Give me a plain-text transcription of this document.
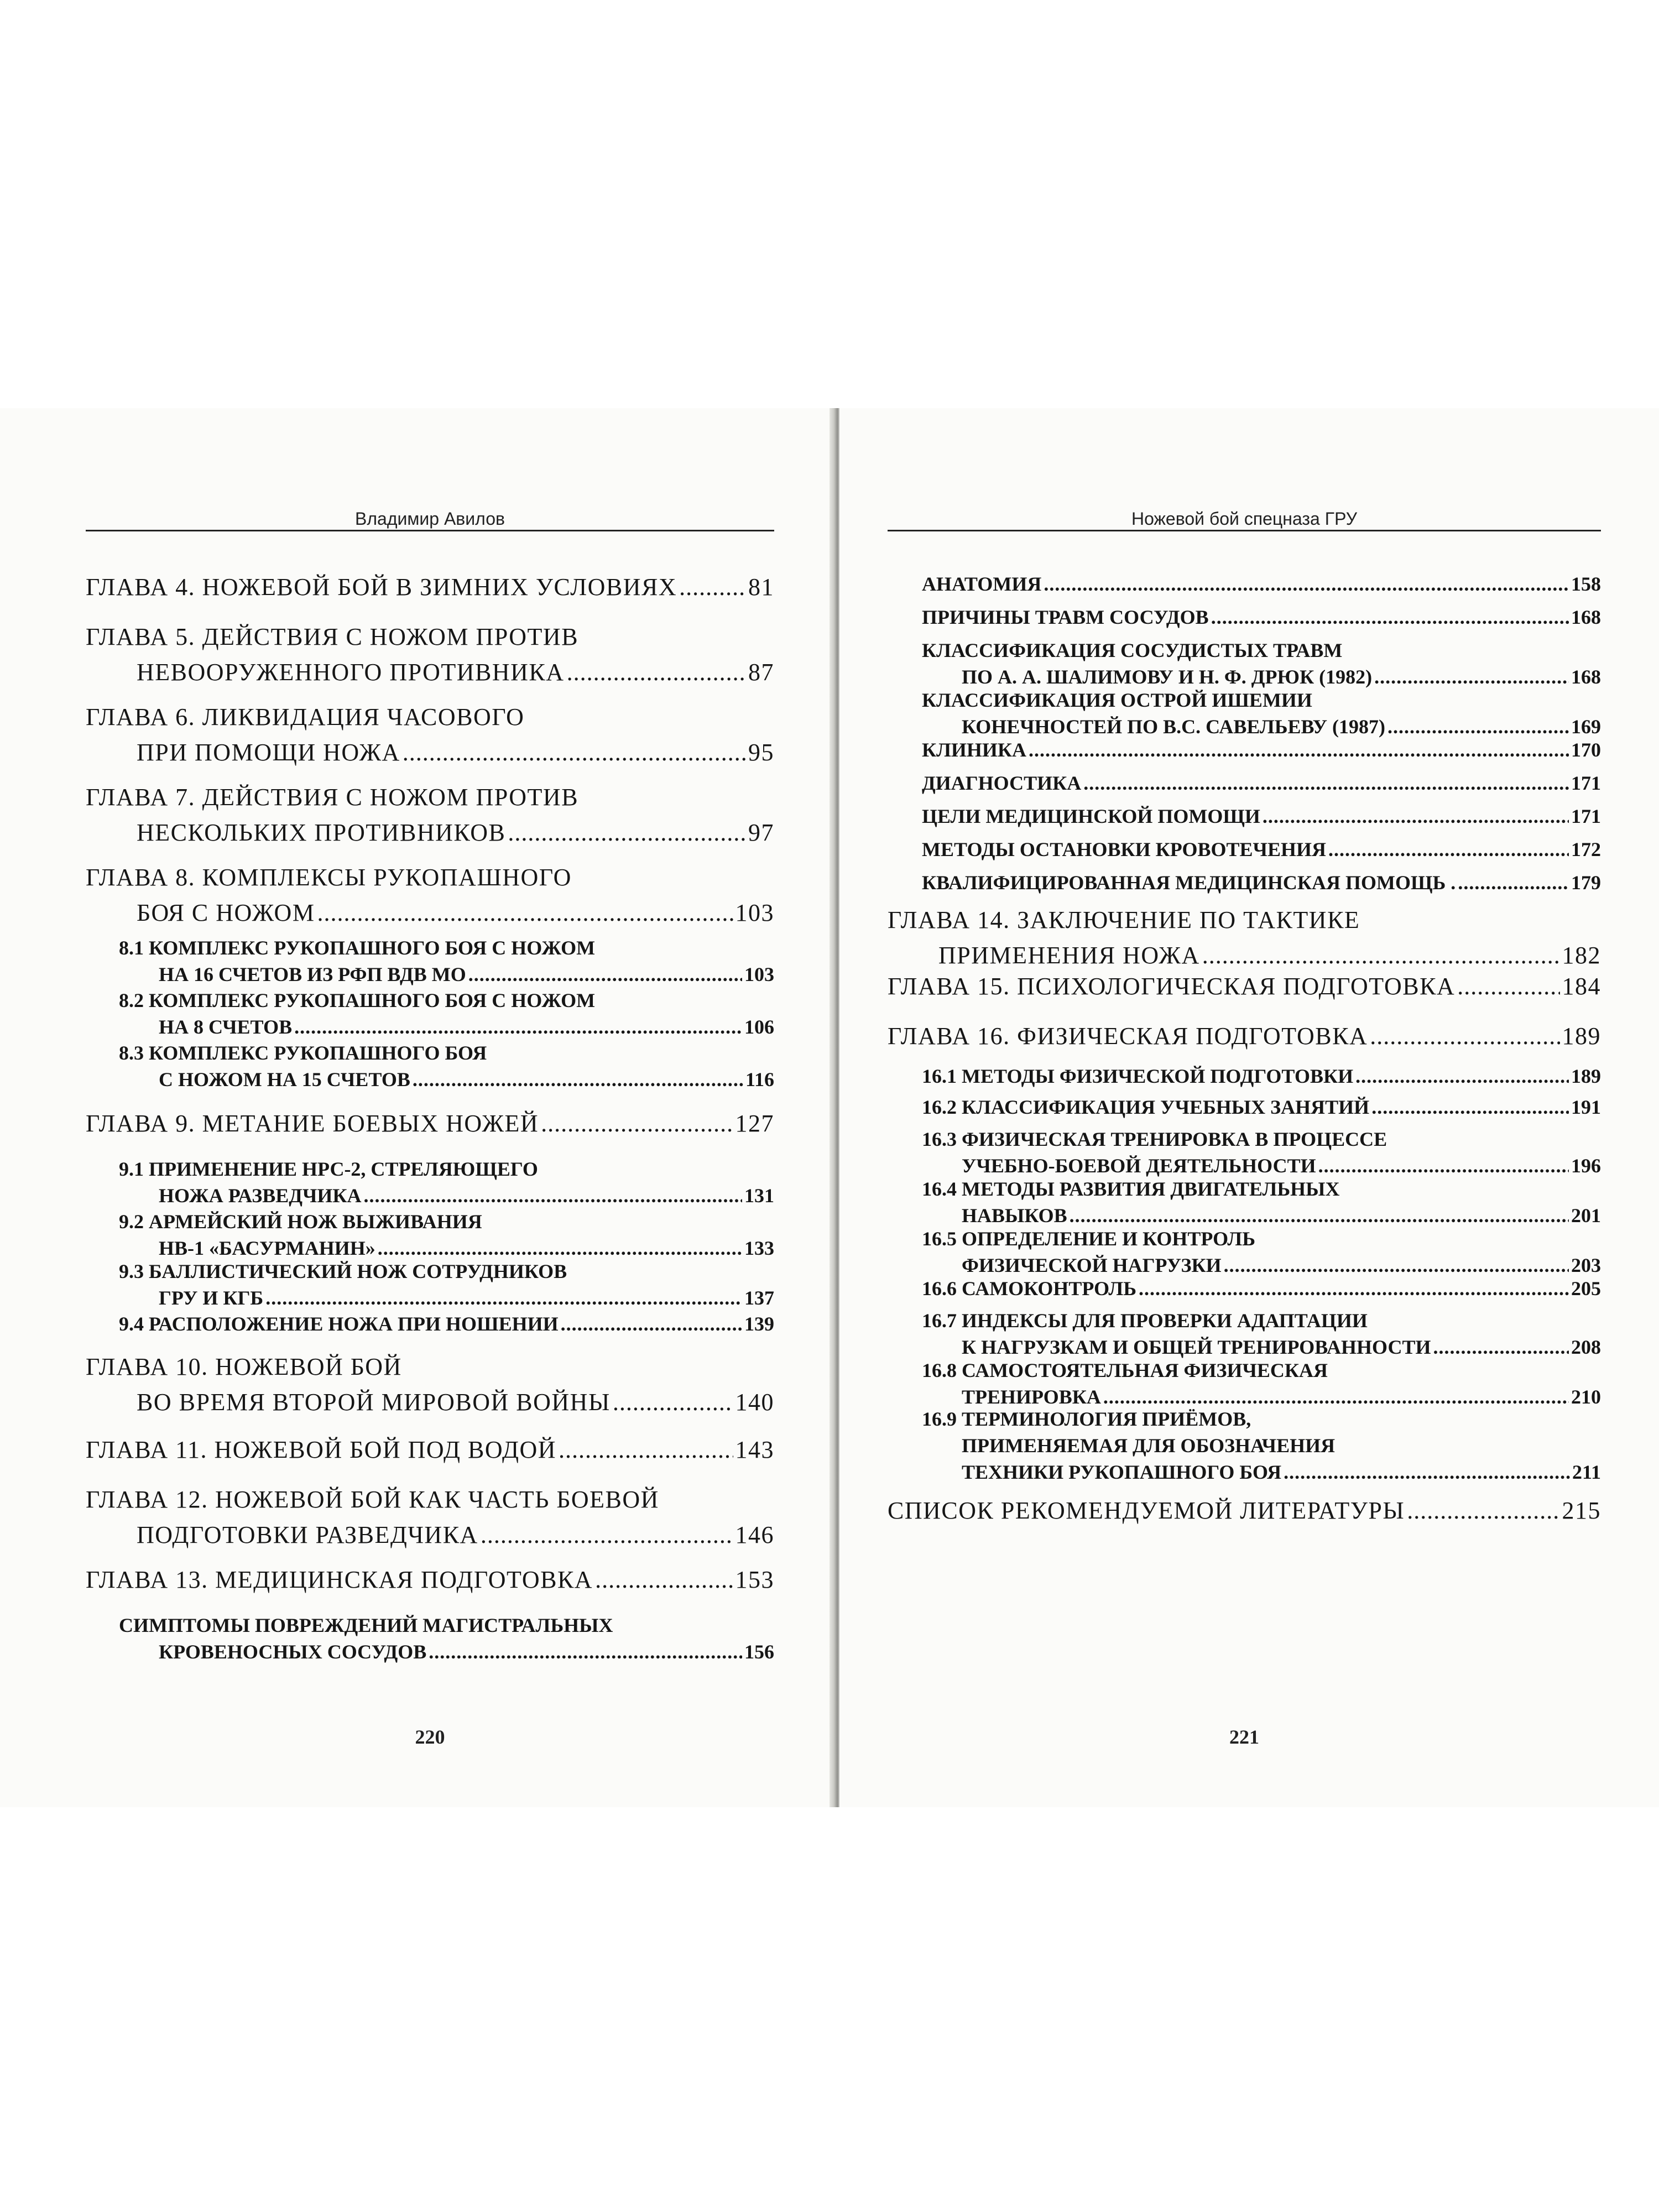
Владимир Авилов
ГЛАВА 4. НОЖЕВОЙ БОЙ В ЗИМНИХ УСЛОВИЯХ .....	81
ГЛАВА 5. ДЕЙСТВИЯ С НОЖОМ ПРОТИВ
НЕВООРУЖЕННОГО ПРОТИВНИКА .....	87
ГЛАВА 6. ЛИКВИДАЦИЯ ЧАСОВОГО
ПРИ ПОМОЩИ НОЖА .....	95
ГЛАВА 7. ДЕЙСТВИЯ С НОЖОМ ПРОТИВ
НЕСКОЛЬКИХ ПРОТИВНИКОВ .....	97
ГЛАВА 8. КОМПЛЕКСЫ РУКОПАШНОГО
БОЯ С НОЖОМ .....	103
8.1 КОМПЛЕКС РУКОПАШНОГО БОЯ С НОЖОМ
НА 16 СЧЕТОВ ИЗ РФП ВДВ МО .....	103
8.2 КОМПЛЕКС РУКОПАШНОГО БОЯ С НОЖОМ
НА 8 СЧЕТОВ .....	106
8.3 КОМПЛЕКС РУКОПАШНОГО БОЯ
С НОЖОМ НА 15 СЧЕТОВ .....	116
ГЛАВА 9. МЕТАНИЕ БОЕВЫХ НОЖЕЙ .....	127
9.1 ПРИМЕНЕНИЕ НРС-2, СТРЕЛЯЮЩЕГО
НОЖА РАЗВЕДЧИКА .....	131
9.2 АРМЕЙСКИЙ НОЖ ВЫЖИВАНИЯ
НВ-1 «БАСУРМАНИН» .....	133
9.3 БАЛЛИСТИЧЕСКИЙ НОЖ СОТРУДНИКОВ
ГРУ И КГБ .....	137
9.4 РАСПОЛОЖЕНИЕ НОЖА ПРИ НОШЕНИИ .....	139
ГЛАВА 10. НОЖЕВОЙ БОЙ
ВО ВРЕМЯ ВТОРОЙ МИРОВОЙ ВОЙНЫ .....	140
ГЛАВА 11. НОЖЕВОЙ БОЙ ПОД ВОДОЙ .....	143
ГЛАВА 12. НОЖЕВОЙ БОЙ КАК ЧАСТЬ БОЕВОЙ
ПОДГОТОВКИ РАЗВЕДЧИКА .....	146
ГЛАВА 13. МЕДИЦИНСКАЯ ПОДГОТОВКА .....	153
СИМПТОМЫ ПОВРЕЖДЕНИЙ МАГИСТРАЛЬНЫХ
КРОВЕНОСНЫХ СОСУДОВ .....	156
220
Ножевой бой спецназа ГРУ
АНАТОМИЯ .....	158
ПРИЧИНЫ ТРАВМ СОСУДОВ .....	168
КЛАССИФИКАЦИЯ СОСУДИСТЫХ ТРАВМ
ПО А. А. ШАЛИМОВУ И Н. Ф. ДРЮК (1982) .....	168
КЛАССИФИКАЦИЯ ОСТРОЙ ИШЕМИИ
КОНЕЧНОСТЕЙ ПО В.С. САВЕЛЬЕВУ (1987) .....	169
КЛИНИКА .....	170
ДИАГНОСТИКА .....	171
ЦЕЛИ МЕДИЦИНСКОЙ ПОМОЩИ .....	171
МЕТОДЫ ОСТАНОВКИ КРОВОТЕЧЕНИЯ .....	172
КВАЛИФИЦИРОВАННАЯ МЕДИЦИНСКАЯ ПОМОЩЬ . .....	179
ГЛАВА 14. ЗАКЛЮЧЕНИЕ ПО ТАКТИКЕ
ПРИМЕНЕНИЯ НОЖА .....	182
ГЛАВА 15. ПСИХОЛОГИЧЕСКАЯ ПОДГОТОВКА .....	184
ГЛАВА 16. ФИЗИЧЕСКАЯ ПОДГОТОВКА .....	189
16.1 МЕТОДЫ ФИЗИЧЕСКОЙ ПОДГОТОВКИ .....	189
16.2 КЛАССИФИКАЦИЯ УЧЕБНЫХ ЗАНЯТИЙ .....	191
16.3 ФИЗИЧЕСКАЯ ТРЕНИРОВКА В ПРОЦЕССЕ
УЧЕБНО-БОЕВОЙ ДЕЯТЕЛЬНОСТИ .....	196
16.4 МЕТОДЫ РАЗВИТИЯ ДВИГАТЕЛЬНЫХ
НАВЫКОВ .....	201
16.5 ОПРЕДЕЛЕНИЕ И КОНТРОЛЬ
ФИЗИЧЕСКОЙ НАГРУЗКИ .....	203
16.6 САМОКОНТРОЛЬ .....	205
16.7 ИНДЕКСЫ ДЛЯ ПРОВЕРКИ АДАПТАЦИИ
К НАГРУЗКАМ И ОБЩЕЙ ТРЕНИРОВАННОСТИ .....	208
16.8 САМОСТОЯТЕЛЬНАЯ ФИЗИЧЕСКАЯ
ТРЕНИРОВКА .....	210
16.9 ТЕРМИНОЛОГИЯ ПРИЁМОВ,
ПРИМЕНЯЕМАЯ ДЛЯ ОБОЗНАЧЕНИЯ
ТЕХНИКИ РУКОПАШНОГО БОЯ .....	211
СПИСОК РЕКОМЕНДУЕМОЙ ЛИТЕРАТУРЫ .....	215
221
